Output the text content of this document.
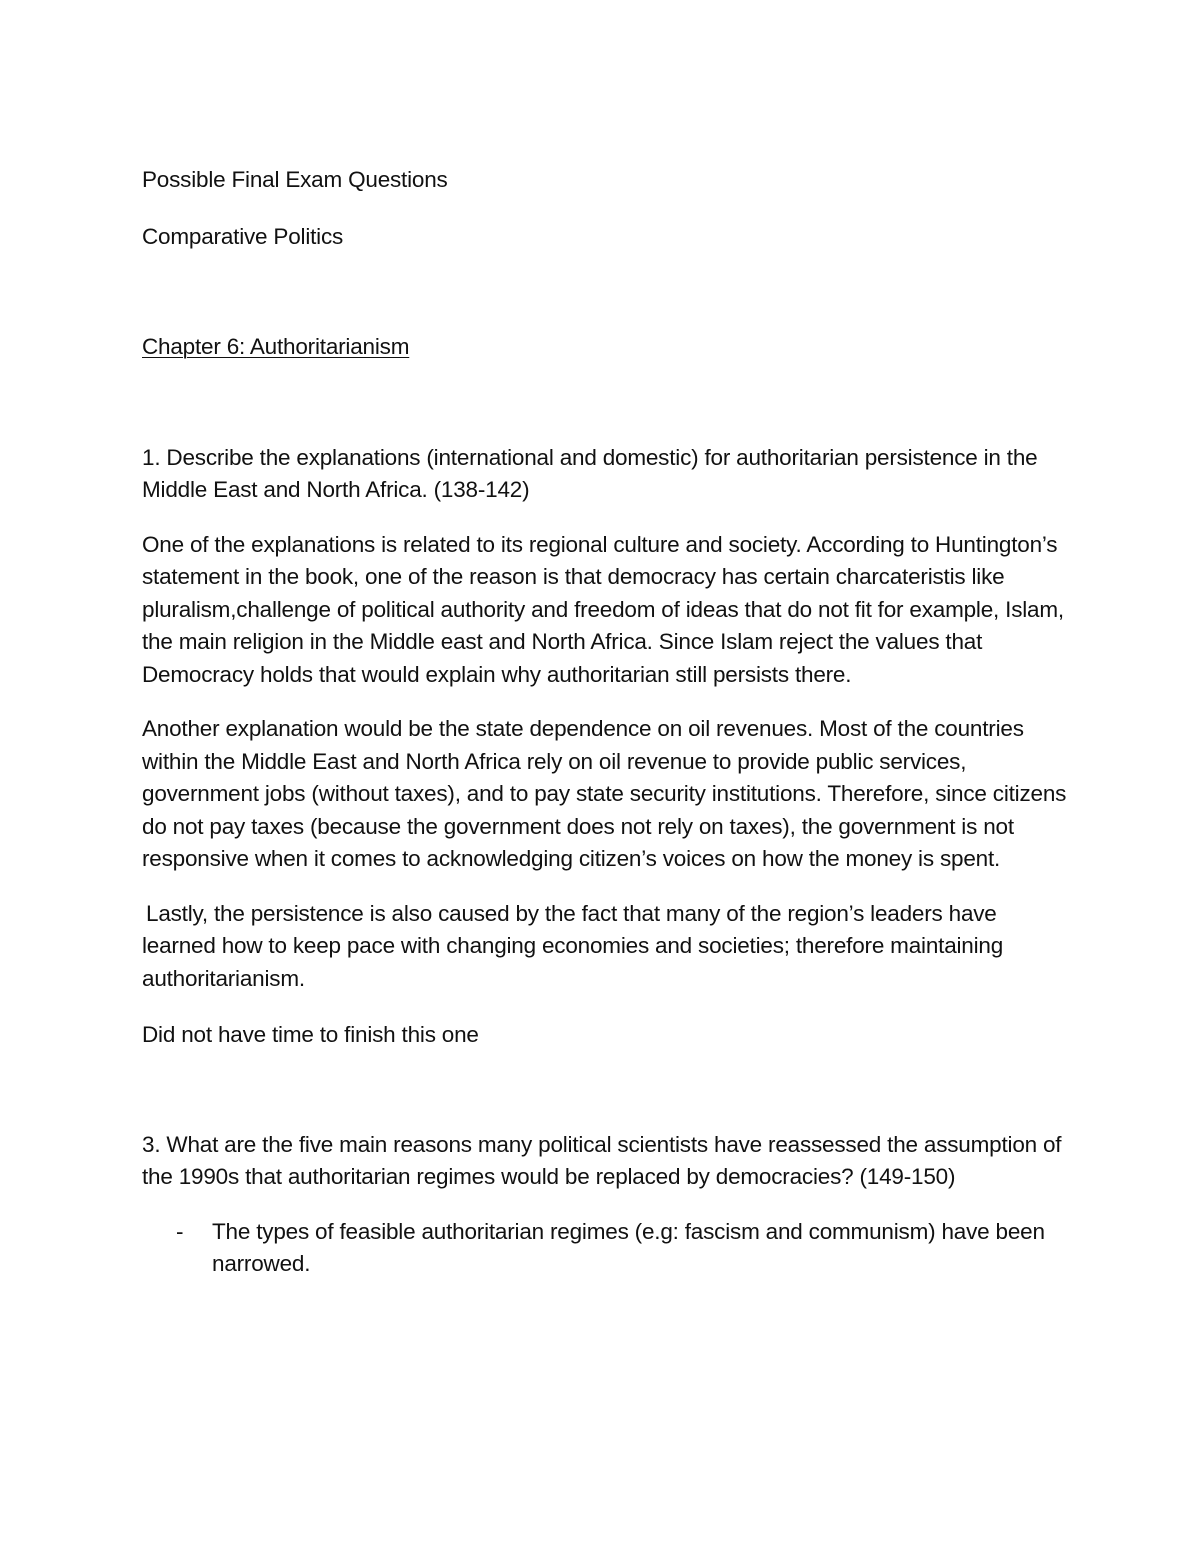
Possible Final Exam Questions

Comparative Politics

Chapter 6: Authoritarianism

1. Describe the explanations (international and domestic) for authoritarian persistence in the Middle East and North Africa. (138-142)

One of the explanations is related to its regional culture and society. According to Huntington’s statement in the book, one of the reason is that democracy has certain charcateristis like pluralism,challenge of political authority and freedom of ideas that do not fit for example, Islam, the main religion in the Middle east and North Africa. Since Islam reject the values that Democracy holds that would explain why authoritarian still persists there.

Another explanation would be the state dependence on oil revenues. Most of the countries within the Middle East and North Africa rely on oil revenue to provide public services, government jobs (without taxes), and to pay state security institutions. Therefore, since citizens do not pay taxes (because the government does not rely on taxes), the government is not responsive when it comes to acknowledging citizen’s voices on how the money is spent.

Lastly, the persistence is also caused by the fact that many of the region’s leaders have learned how to keep pace with changing economies and societies; therefore maintaining authoritarianism.

Did not have time to finish this one

3. What are the five main reasons many political scientists have reassessed the assumption of the 1990s that authoritarian regimes would be replaced by democracies? (149-150)

- The types of feasible authoritarian regimes (e.g: fascism and communism) have been narrowed.
